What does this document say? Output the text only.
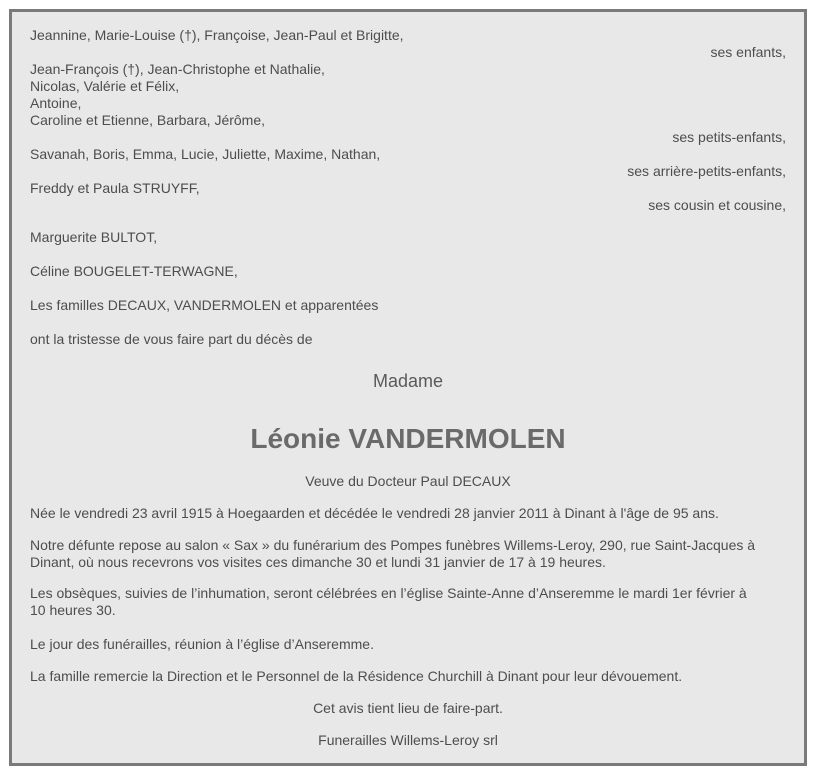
Jeannine, Marie-Louise (†), Françoise, Jean-Paul et Brigitte,
ses enfants,
Jean-François (†), Jean-Christophe et Nathalie,
Nicolas, Valérie et Félix,
Antoine,
Caroline et Etienne, Barbara, Jérôme,
ses petits-enfants,
Savanah, Boris, Emma, Lucie, Juliette, Maxime, Nathan,
ses arrière-petits-enfants,
Freddy et Paula STRUYFF,
ses cousin et cousine,
Marguerite BULTOT,
Céline BOUGELET-TERWAGNE,
Les familles DECAUX, VANDERMOLEN et apparentées
ont la tristesse de vous faire part du décès de
Madame
Léonie VANDERMOLEN
Veuve du Docteur Paul DECAUX
Née le vendredi 23 avril 1915 à Hoegaarden et décédée le vendredi 28 janvier 2011 à Dinant à l'âge de 95 ans.
Notre défunte repose au salon « Sax » du funérarium des Pompes funèbres Willems-Leroy, 290, rue Saint-Jacques à
Dinant, où nous recevrons vos visites ces dimanche 30 et lundi 31 janvier de 17 à 19 heures.
Les obsèques, suivies de l’inhumation, seront célébrées en l’église Sainte-Anne d’Anseremme le mardi 1er février à
10 heures 30.
Le jour des funérailles, réunion à l’église d’Anseremme.
La famille remercie la Direction et le Personnel de la Résidence Churchill à Dinant pour leur dévouement.
Cet avis tient lieu de faire-part.
Funerailles Willems-Leroy srl
